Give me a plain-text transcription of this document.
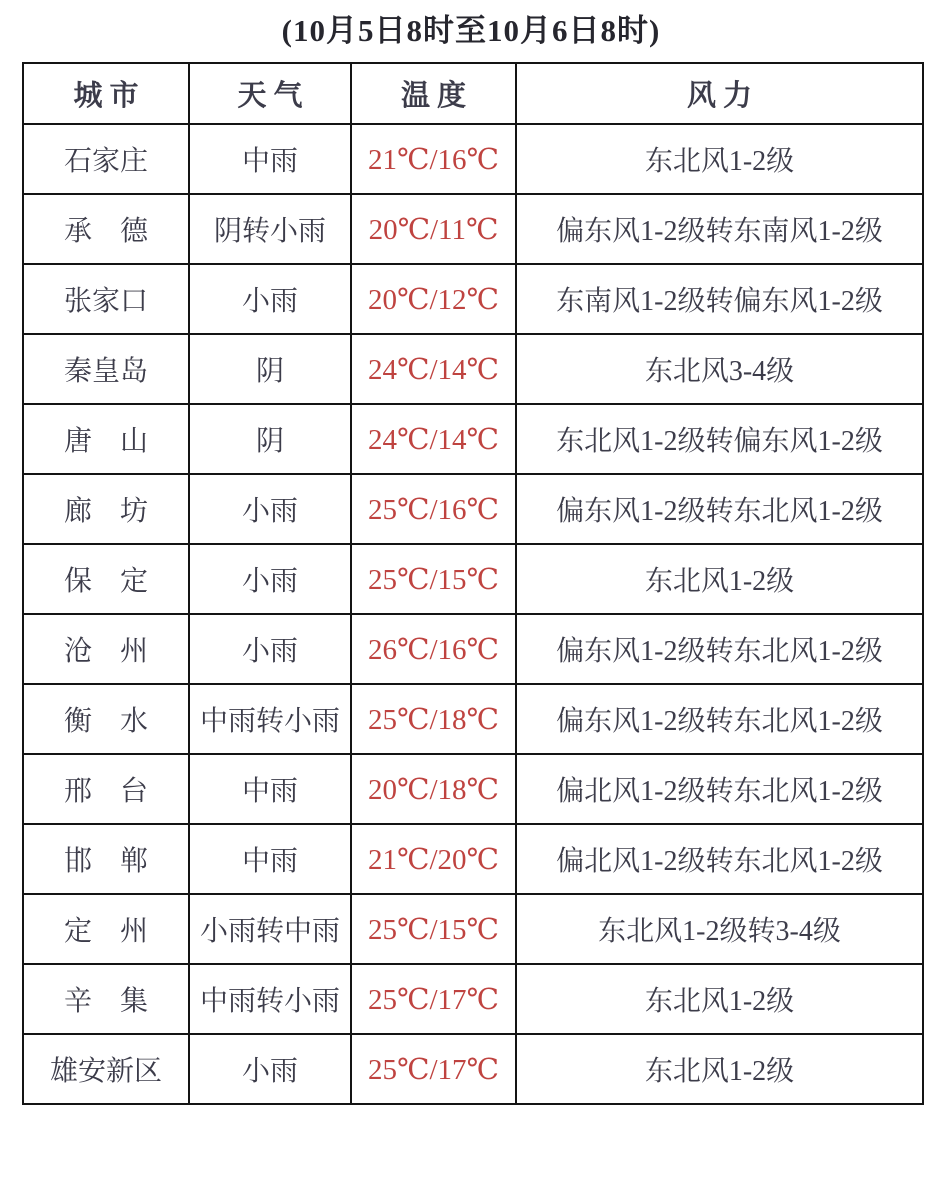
(10月5日8时至10月6日8时)
城市	天气	温度	风力
石家庄	中雨	21℃/16℃	东北风1-2级
承　德	阴转小雨	20℃/11℃	偏东风1-2级转东南风1-2级
张家口	小雨	20℃/12℃	东南风1-2级转偏东风1-2级
秦皇岛	阴	24℃/14℃	东北风3-4级
唐　山	阴	24℃/14℃	东北风1-2级转偏东风1-2级
廊　坊	小雨	25℃/16℃	偏东风1-2级转东北风1-2级
保　定	小雨	25℃/15℃	东北风1-2级
沧　州	小雨	26℃/16℃	偏东风1-2级转东北风1-2级
衡　水	中雨转小雨	25℃/18℃	偏东风1-2级转东北风1-2级
邢　台	中雨	20℃/18℃	偏北风1-2级转东北风1-2级
邯　郸	中雨	21℃/20℃	偏北风1-2级转东北风1-2级
定　州	小雨转中雨	25℃/15℃	东北风1-2级转3-4级
辛　集	中雨转小雨	25℃/17℃	东北风1-2级
雄安新区	小雨	25℃/17℃	东北风1-2级
